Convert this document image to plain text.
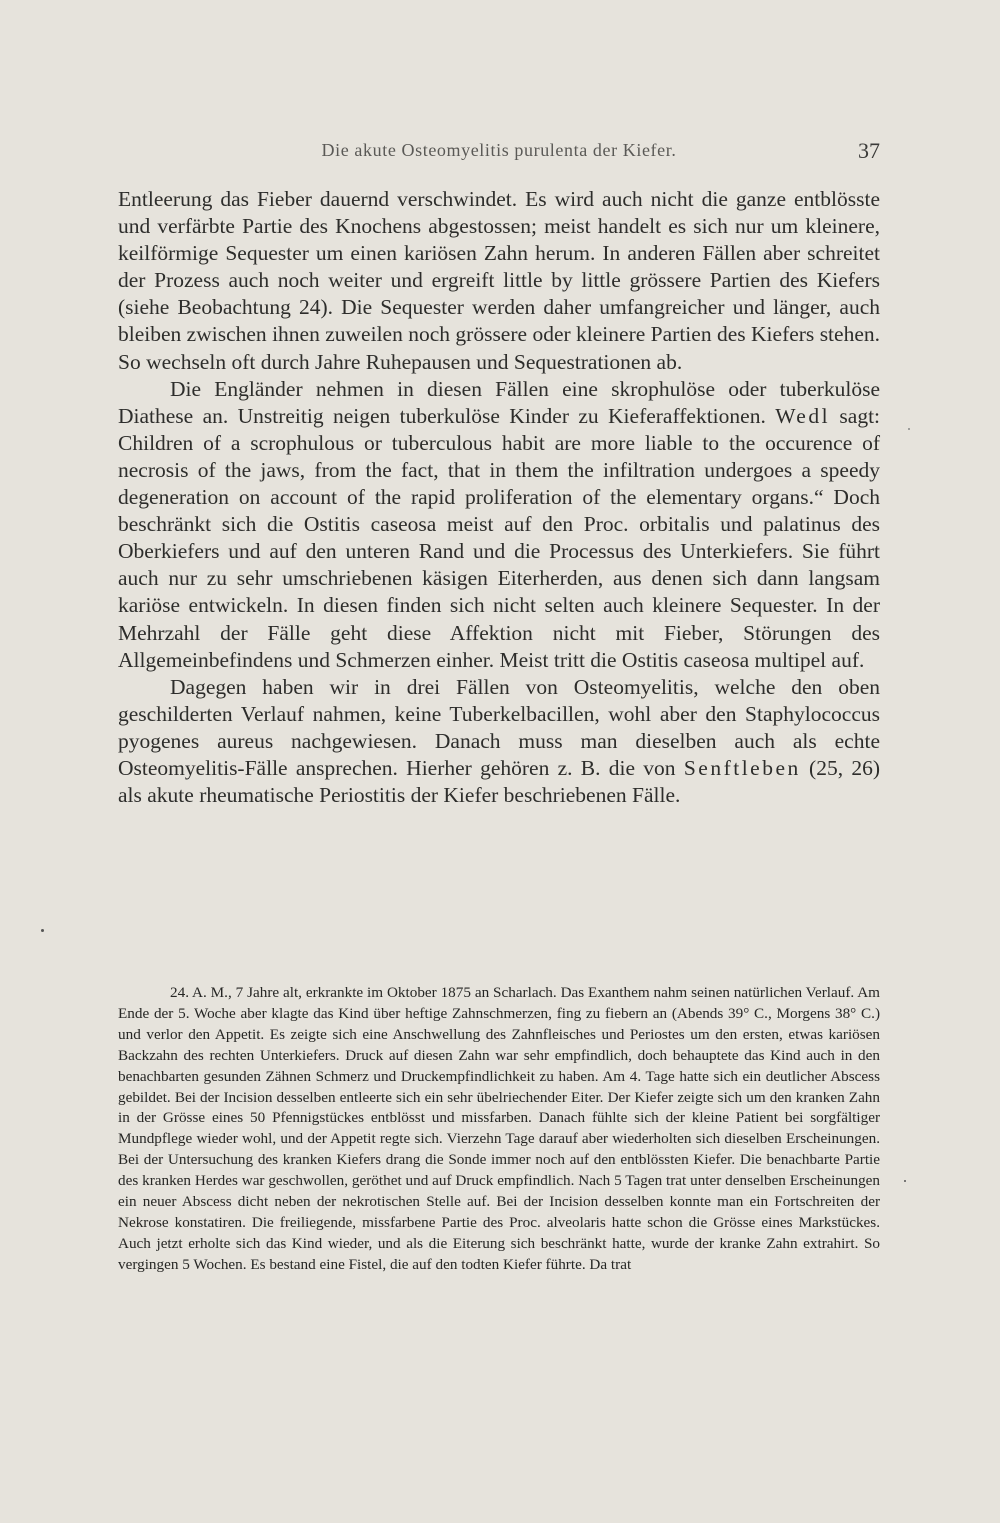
Die akute Osteomyelitis purulenta der Kiefer.	37

Entleerung das Fieber dauernd verschwindet. Es wird auch nicht die ganze entblösste und verfärbte Partie des Knochens abgestossen; meist handelt es sich nur um kleinere, keilförmige Sequester um einen kariösen Zahn herum. In anderen Fällen aber schreitet der Prozess auch noch weiter und ergreift little by little grössere Partien des Kiefers (siehe Beobachtung 24). Die Sequester werden daher umfangreicher und länger, auch bleiben zwischen ihnen zuweilen noch grössere oder kleinere Partien des Kiefers stehen. So wechseln oft durch Jahre Ruhepausen und Sequestrationen ab.

Die Engländer nehmen in diesen Fällen eine skrophulöse oder tuberkulöse Diathese an. Unstreitig neigen tuberkulöse Kinder zu Kieferaffektionen. Wedl sagt: Children of a scrophulous or tuberculous habit are more liable to the occurence of necrosis of the jaws, from the fact, that in them the infiltration undergoes a speedy degeneration on account of the rapid proliferation of the elementary organs.“ Doch beschränkt sich die Ostitis caseosa meist auf den Proc. orbitalis und palatinus des Oberkiefers und auf den unteren Rand und die Processus des Unterkiefers. Sie führt auch nur zu sehr umschriebenen käsigen Eiterherden, aus denen sich dann langsam kariöse entwickeln. In diesen finden sich nicht selten auch kleinere Sequester. In der Mehrzahl der Fälle geht diese Affektion nicht mit Fieber, Störungen des Allgemeinbefindens und Schmerzen einher. Meist tritt die Ostitis caseosa multipel auf.

Dagegen haben wir in drei Fällen von Osteomyelitis, welche den oben geschilderten Verlauf nahmen, keine Tuberkelbacillen, wohl aber den Staphylococcus pyogenes aureus nachgewiesen. Danach muss man dieselben auch als echte Osteomyelitis-Fälle ansprechen. Hierher gehören z. B. die von Senftleben (25, 26) als akute rheumatische Periostitis der Kiefer beschriebenen Fälle.

24. A. M., 7 Jahre alt, erkrankte im Oktober 1875 an Scharlach. Das Exanthem nahm seinen natürlichen Verlauf. Am Ende der 5. Woche aber klagte das Kind über heftige Zahnschmerzen, fing zu fiebern an (Abends 39° C., Morgens 38° C.) und verlor den Appetit. Es zeigte sich eine Anschwellung des Zahnfleisches und Periostes um den ersten, etwas kariösen Backzahn des rechten Unterkiefers. Druck auf diesen Zahn war sehr empfindlich, doch behauptete das Kind auch in den benachbarten gesunden Zähnen Schmerz und Druckempfindlichkeit zu haben. Am 4. Tage hatte sich ein deutlicher Abscess gebildet. Bei der Incision desselben entleerte sich ein sehr übelriechender Eiter. Der Kiefer zeigte sich um den kranken Zahn in der Grösse eines 50 Pfennigstückes entblösst und missfarben. Danach fühlte sich der kleine Patient bei sorgfältiger Mundpflege wieder wohl, und der Appetit regte sich. Vierzehn Tage darauf aber wiederholten sich dieselben Erscheinungen. Bei der Untersuchung des kranken Kiefers drang die Sonde immer noch auf den entblössten Kiefer. Die benachbarte Partie des kranken Herdes war geschwollen, geröthet und auf Druck empfindlich. Nach 5 Tagen trat unter denselben Erscheinungen ein neuer Abscess dicht neben der nekrotischen Stelle auf. Bei der Incision desselben konnte man ein Fortschreiten der Nekrose konstatiren. Die freiliegende, missfarbene Partie des Proc. alveolaris hatte schon die Grösse eines Markstückes. Auch jetzt erholte sich das Kind wieder, und als die Eiterung sich beschränkt hatte, wurde der kranke Zahn extrahirt. So vergingen 5 Wochen. Es bestand eine Fistel, die auf den todten Kiefer führte. Da trat
